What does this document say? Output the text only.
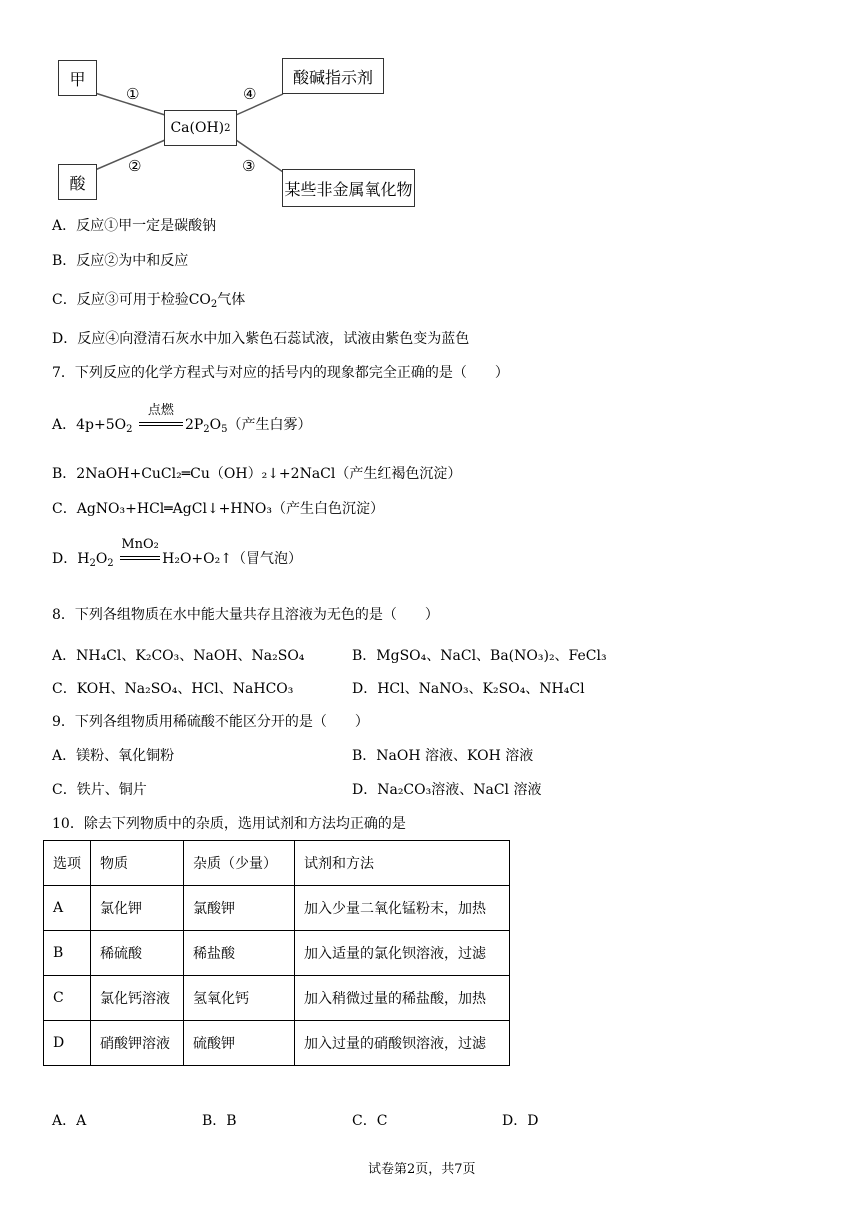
甲
酸
Ca(OH) 2
酸碱指示剂
某些非金属氧化物
①
②	③
④
A．反应①甲一定是碳酸钠
B．反应②为中和反应
C．反应③可用于检验$CO_2$气体
D．反应④向澄清石灰水中加入紫色石蕊试液，试液由紫色变为蓝色
7．下列反应的化学方程式与对应的括号内的现象都完全正确的是（　　）
A．$4p+5O_2$
点燃
$2P_2O_5$（产生白雾）
B．2NaOH+CuCl₂═Cu（OH）₂↓+2NaCl（产生红褐色沉淀）
C．AgNO₃+HCl═AgCl↓+HNO₃（产生白色沉淀）
D．$H_2O_2$
MnO₂
H₂O+O₂↑（冒气泡）
8．下列各组物质在水中能大量共存且溶液为无色的是（　　）
A．NH₄Cl、K₂CO₃、NaOH、Na₂SO₄	B．MgSO₄、NaCl、Ba(NO₃)₂、FeCl₃
C．KOH、Na₂SO₄、HCl、NaHCO₃	D．HCl、NaNO₃、K₂SO₄、NH₄Cl
9．下列各组物质用稀硫酸不能区分开的是（　　）
A．镁粉、氧化铜粉	B．NaOH 溶液、KOH 溶液
C．铁片、铜片	D．Na₂CO₃溶液、NaCl 溶液
10．除去下列物质中的杂质，选用试剂和方法均正确的是
选项	物质	杂质（少量）	试剂和方法
A	氯化钾	氯酸钾	加入少量二氧化锰粉末，加热
B	稀硫酸	稀盐酸	加入适量的氯化钡溶液，过滤
C	氯化钙溶液	氢氧化钙	加入稍微过量的稀盐酸，加热
D	硝酸钾溶液	硫酸钾	加入过量的硝酸钡溶液，过滤
A．A	B．B	C．C	D．D
试卷第2页，共7页
